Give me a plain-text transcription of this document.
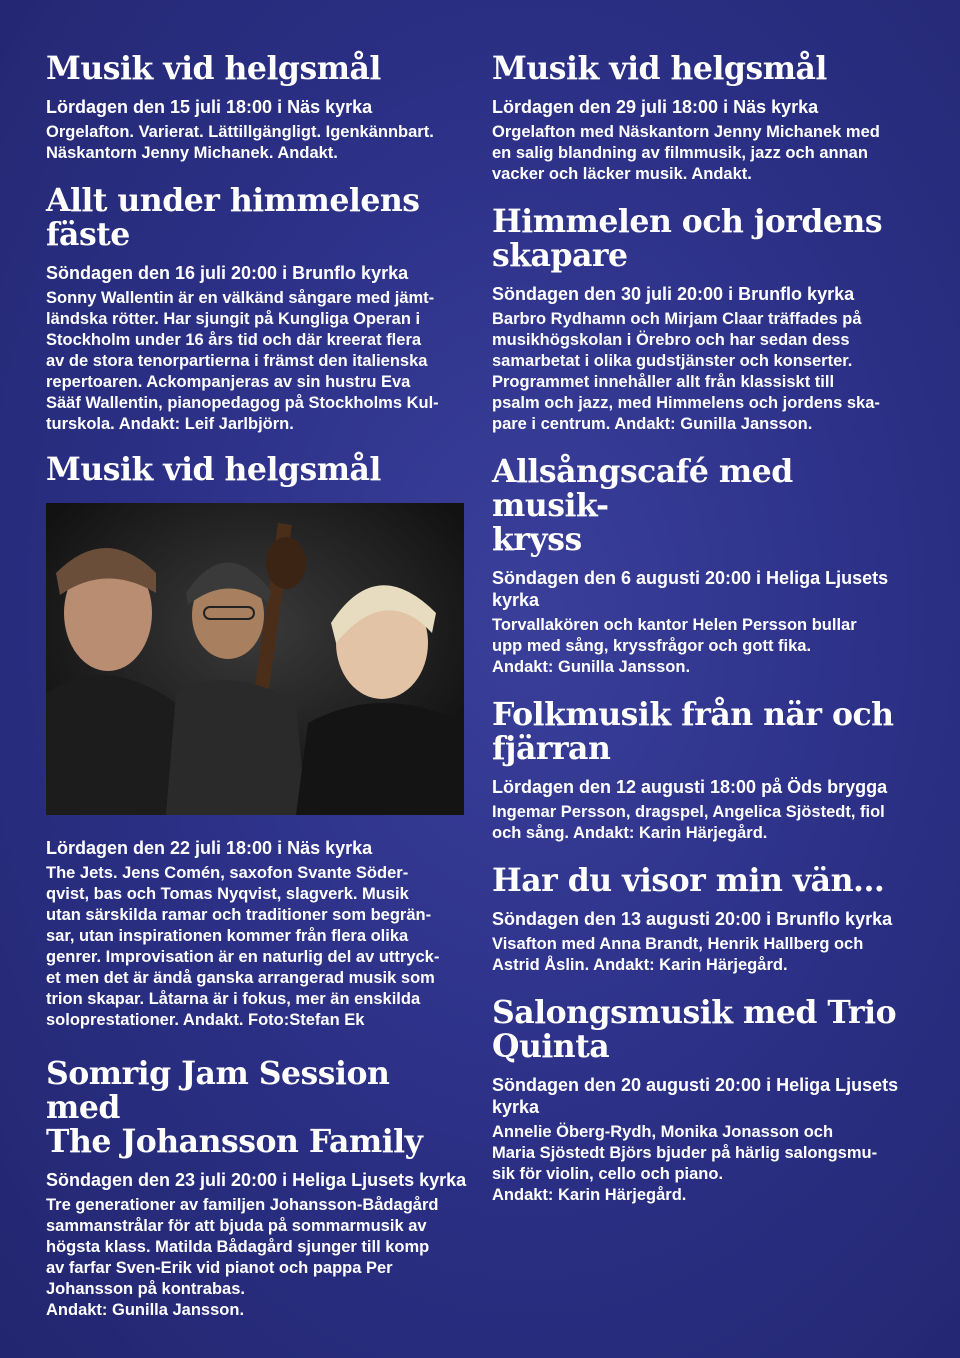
Musik vid helgsmål

Lördagen den 15 juli 18:00 i Näs kyrka

Orgelafton. Varierat. Lättillgängligt. Igenkännbart.
Näskantorn Jenny Michanek. Andakt.

Allt under himmelens
fäste

Söndagen den 16 juli 20:00 i Brunflo kyrka

Sonny Wallentin är en välkänd sångare med jämt-
ländska rötter. Har sjungit på Kungliga Operan i
Stockholm under 16 års tid och där kreerat flera
av de stora tenorpartierna i främst den italienska
repertoaren. Ackompanjeras av sin hustru Eva
Sääf Wallentin, pianopedagog på Stockholms Kul-
turskola. Andakt: Leif Jarlbjörn.

Musik vid helgsmål

Lördagen den 22 juli 18:00 i Näs kyrka

The Jets. Jens Comén, saxofon Svante Söder-
qvist, bas och Tomas Nyqvist, slagverk. Musik
utan särskilda ramar och traditioner som begrän-
sar, utan inspirationen kommer från flera olika
genrer. Improvisation är en naturlig del av uttryck-
et men det är ändå ganska arrangerad musik som
trion skapar. Låtarna är i fokus, mer än enskilda
soloprestationer. Andakt. Foto:Stefan Ek

Somrig Jam Session med
The Johansson Family

Söndagen den 23 juli 20:00 i Heliga Ljusets kyrka

Tre generationer av familjen Johansson-Bådagård
sammanstrålar för att bjuda på sommarmusik av
högsta klass. Matilda Bådagård sjunger till komp
av farfar Sven-Erik vid pianot och pappa Per
Johansson på kontrabas.
Andakt: Gunilla Jansson.

Musik vid helgsmål

Lördagen den 29 juli 18:00 i Näs kyrka

Orgelafton med Näskantorn Jenny Michanek med
en salig blandning av filmmusik, jazz och annan
vacker och läcker musik. Andakt.

Himmelen och jordens
skapare

Söndagen den 30 juli 20:00 i Brunflo kyrka

Barbro Rydhamn och Mirjam Claar träffades på
musikhögskolan i Örebro och har sedan dess
samarbetat i olika gudstjänster och konserter.
Programmet innehåller allt från klassiskt till
psalm och jazz, med Himmelens och jordens ska-
pare i centrum. Andakt: Gunilla Jansson.

Allsångscafé med musik-
kryss

Söndagen den 6 augusti 20:00 i Heliga Ljusets kyrka

Torvallakören och kantor Helen Persson bullar
upp med sång, kryssfrågor och gott fika.
Andakt: Gunilla Jansson.

Folkmusik från när och
fjärran

Lördagen den 12 augusti 18:00 på Öds brygga

Ingemar Persson, dragspel, Angelica Sjöstedt, fiol
och sång. Andakt: Karin Härjegård.

Har du visor min vän...

Söndagen den 13 augusti 20:00 i Brunflo kyrka

Visafton med Anna Brandt, Henrik Hallberg och
Astrid Åslin. Andakt: Karin Härjegård.

Salongsmusik med Trio
Quinta

Söndagen den 20 augusti 20:00 i Heliga Ljusets kyrka

Annelie Öberg-Rydh, Monika Jonasson och
Maria Sjöstedt Björs bjuder på härlig salongsmu-
sik för violin, cello och piano.
Andakt: Karin Härjegård.
